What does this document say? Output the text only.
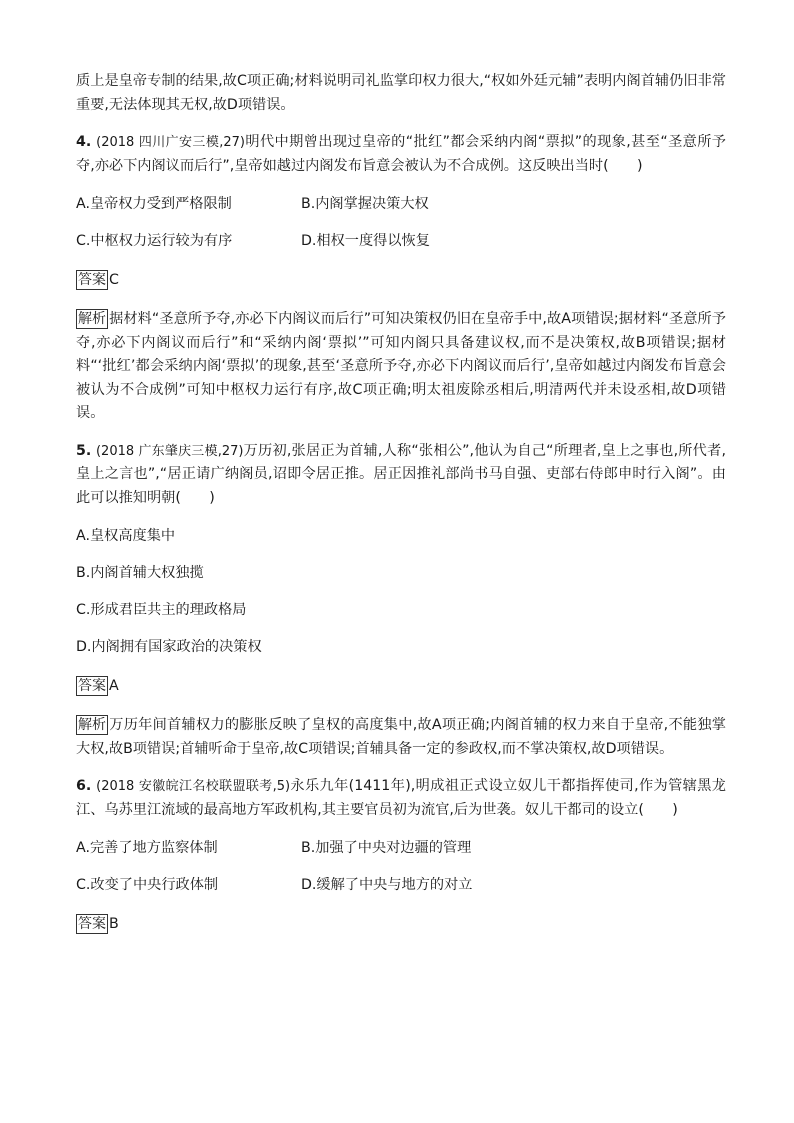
质上是皇帝专制的结果,故C项正确;材料说明司礼监掌印权力很大,“权如外廷元辅”表明内阁首辅仍旧非常重要,无法体现其无权,故D项错误。

4. (2018 四川广安三模,27)明代中期曾出现过皇帝的“批红”都会采纳内阁“票拟”的现象,甚至“圣意所予夺,亦必下内阁议而后行”,皇帝如越过内阁发布旨意会被认为不合成例。这反映出当时(　　)

A.皇帝权力受到严格限制	B.内阁掌握决策大权
C.中枢权力运行较为有序	D.相权一度得以恢复
答案 C

解析 据材料“圣意所予夺,亦必下内阁议而后行”可知决策权仍旧在皇帝手中,故A项错误;据材料“圣意所予夺,亦必下内阁议而后行”和“采纳内阁‘票拟’”可知内阁只具备建议权,而不是决策权,故B项错误;据材料“‘批红’都会采纳内阁‘票拟’的现象,甚至‘圣意所予夺,亦必下内阁议而后行’,皇帝如越过内阁发布旨意会被认为不合成例”可知中枢权力运行有序,故C项正确;明太祖废除丞相后,明清两代并未设丞相,故D项错误。

5. (2018 广东肇庆三模,27)万历初,张居正为首辅,人称“张相公”,他认为自己“所理者,皇上之事也,所代者,皇上之言也”,“居正请广纳阁员,诏即令居正推。居正因推礼部尚书马自强、吏部右侍郎申时行入阁”。由此可以推知明朝(　　)

A.皇权高度集中
B.内阁首辅大权独揽
C.形成君臣共主的理政格局
D.内阁拥有国家政治的决策权
答案 A

解析 万历年间首辅权力的膨胀反映了皇权的高度集中,故A项正确;内阁首辅的权力来自于皇帝,不能独掌大权,故B项错误;首辅听命于皇帝,故C项错误;首辅具备一定的参政权,而不掌决策权,故D项错误。

6. (2018 安徽皖江名校联盟联考,5)永乐九年(1411年),明成祖正式设立奴儿干都指挥使司,作为管辖黑龙江、乌苏里江流域的最高地方军政机构,其主要官员初为流官,后为世袭。奴儿干都司的设立(　　)

A.完善了地方监察体制	B.加强了中央对边疆的管理
C.改变了中央行政体制	D.缓解了中央与地方的对立
答案 B
